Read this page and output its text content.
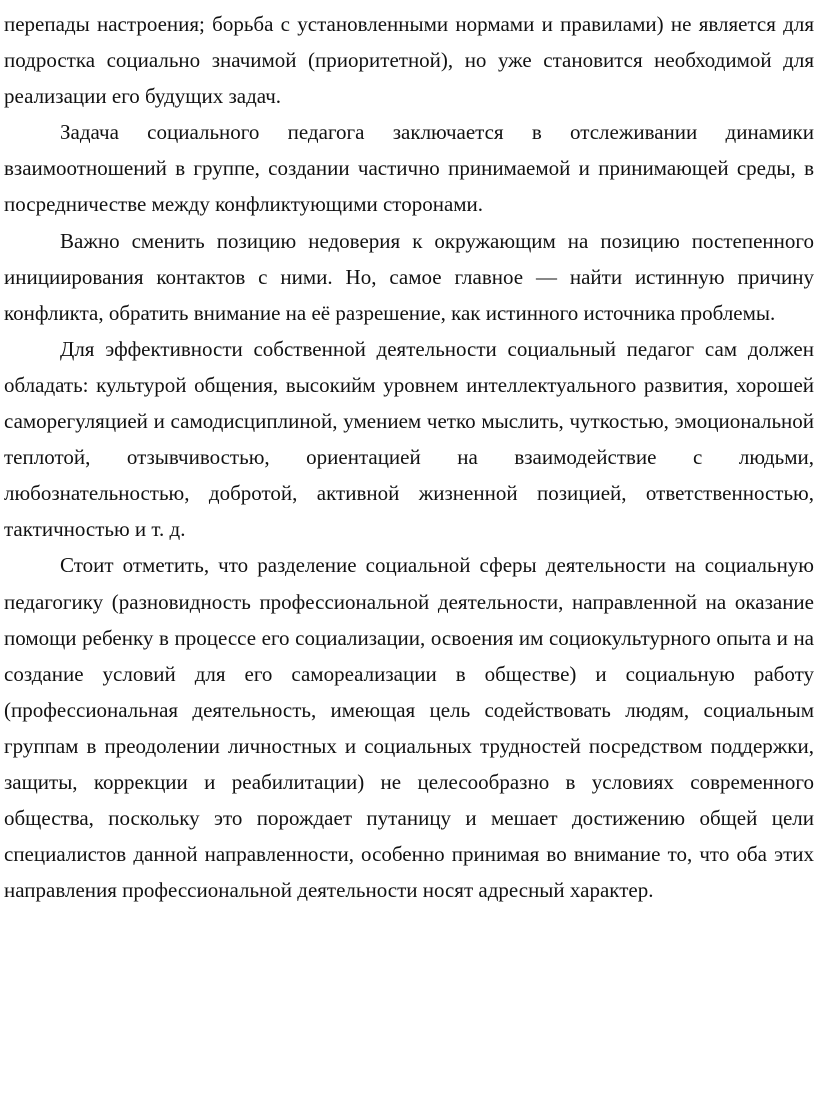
перепады настроения; борьба с установленными нормами и правилами) не является для подростка социально значимой (приоритетной), но уже становится необходимой для реализации его будущих задач.

Задача социального педагога заключается в отслеживании динамики взаимоотношений в группе, создании частично принимаемой и принимающей среды, в посредничестве между конфликтующими сторонами.

Важно сменить позицию недоверия к окружающим на позицию постепенного инициирования контактов с ними. Но, самое главное — найти истинную причину конфликта, обратить внимание на её разрешение, как истинного источника проблемы.

Для эффективности собственной деятельности социальный педагог сам должен обладать: культурой общения, высокийм уровнем интеллектуального развития, хорошей саморегуляцией и самодисциплиной, умением четко мыслить, чуткостью, эмоциональной теплотой, отзывчивостью, ориентацией на взаимодействие с людьми, любознательностью, добротой, активной жизненной позицией, ответственностью, тактичностью и т. д.

Стоит отметить, что разделение социальной сферы деятельности на социальную педагогику (разновидность профессиональной деятельности, направленной на оказание помощи ребенку в процессе его социализации, освоения им социокультурного опыта и на создание условий для его самореализации в обществе) и социальную работу (профессиональная деятельность, имеющая цель содействовать людям, социальным группам в преодолении личностных и социальных трудностей посредством поддержки, защиты, коррекции и реабилитации) не целесообразно в условиях современного общества, поскольку это порождает путаницу и мешает достижению общей цели специалистов данной направленности, особенно принимая во внимание то, что оба этих направления профессиональной деятельности носят адресный характер.
